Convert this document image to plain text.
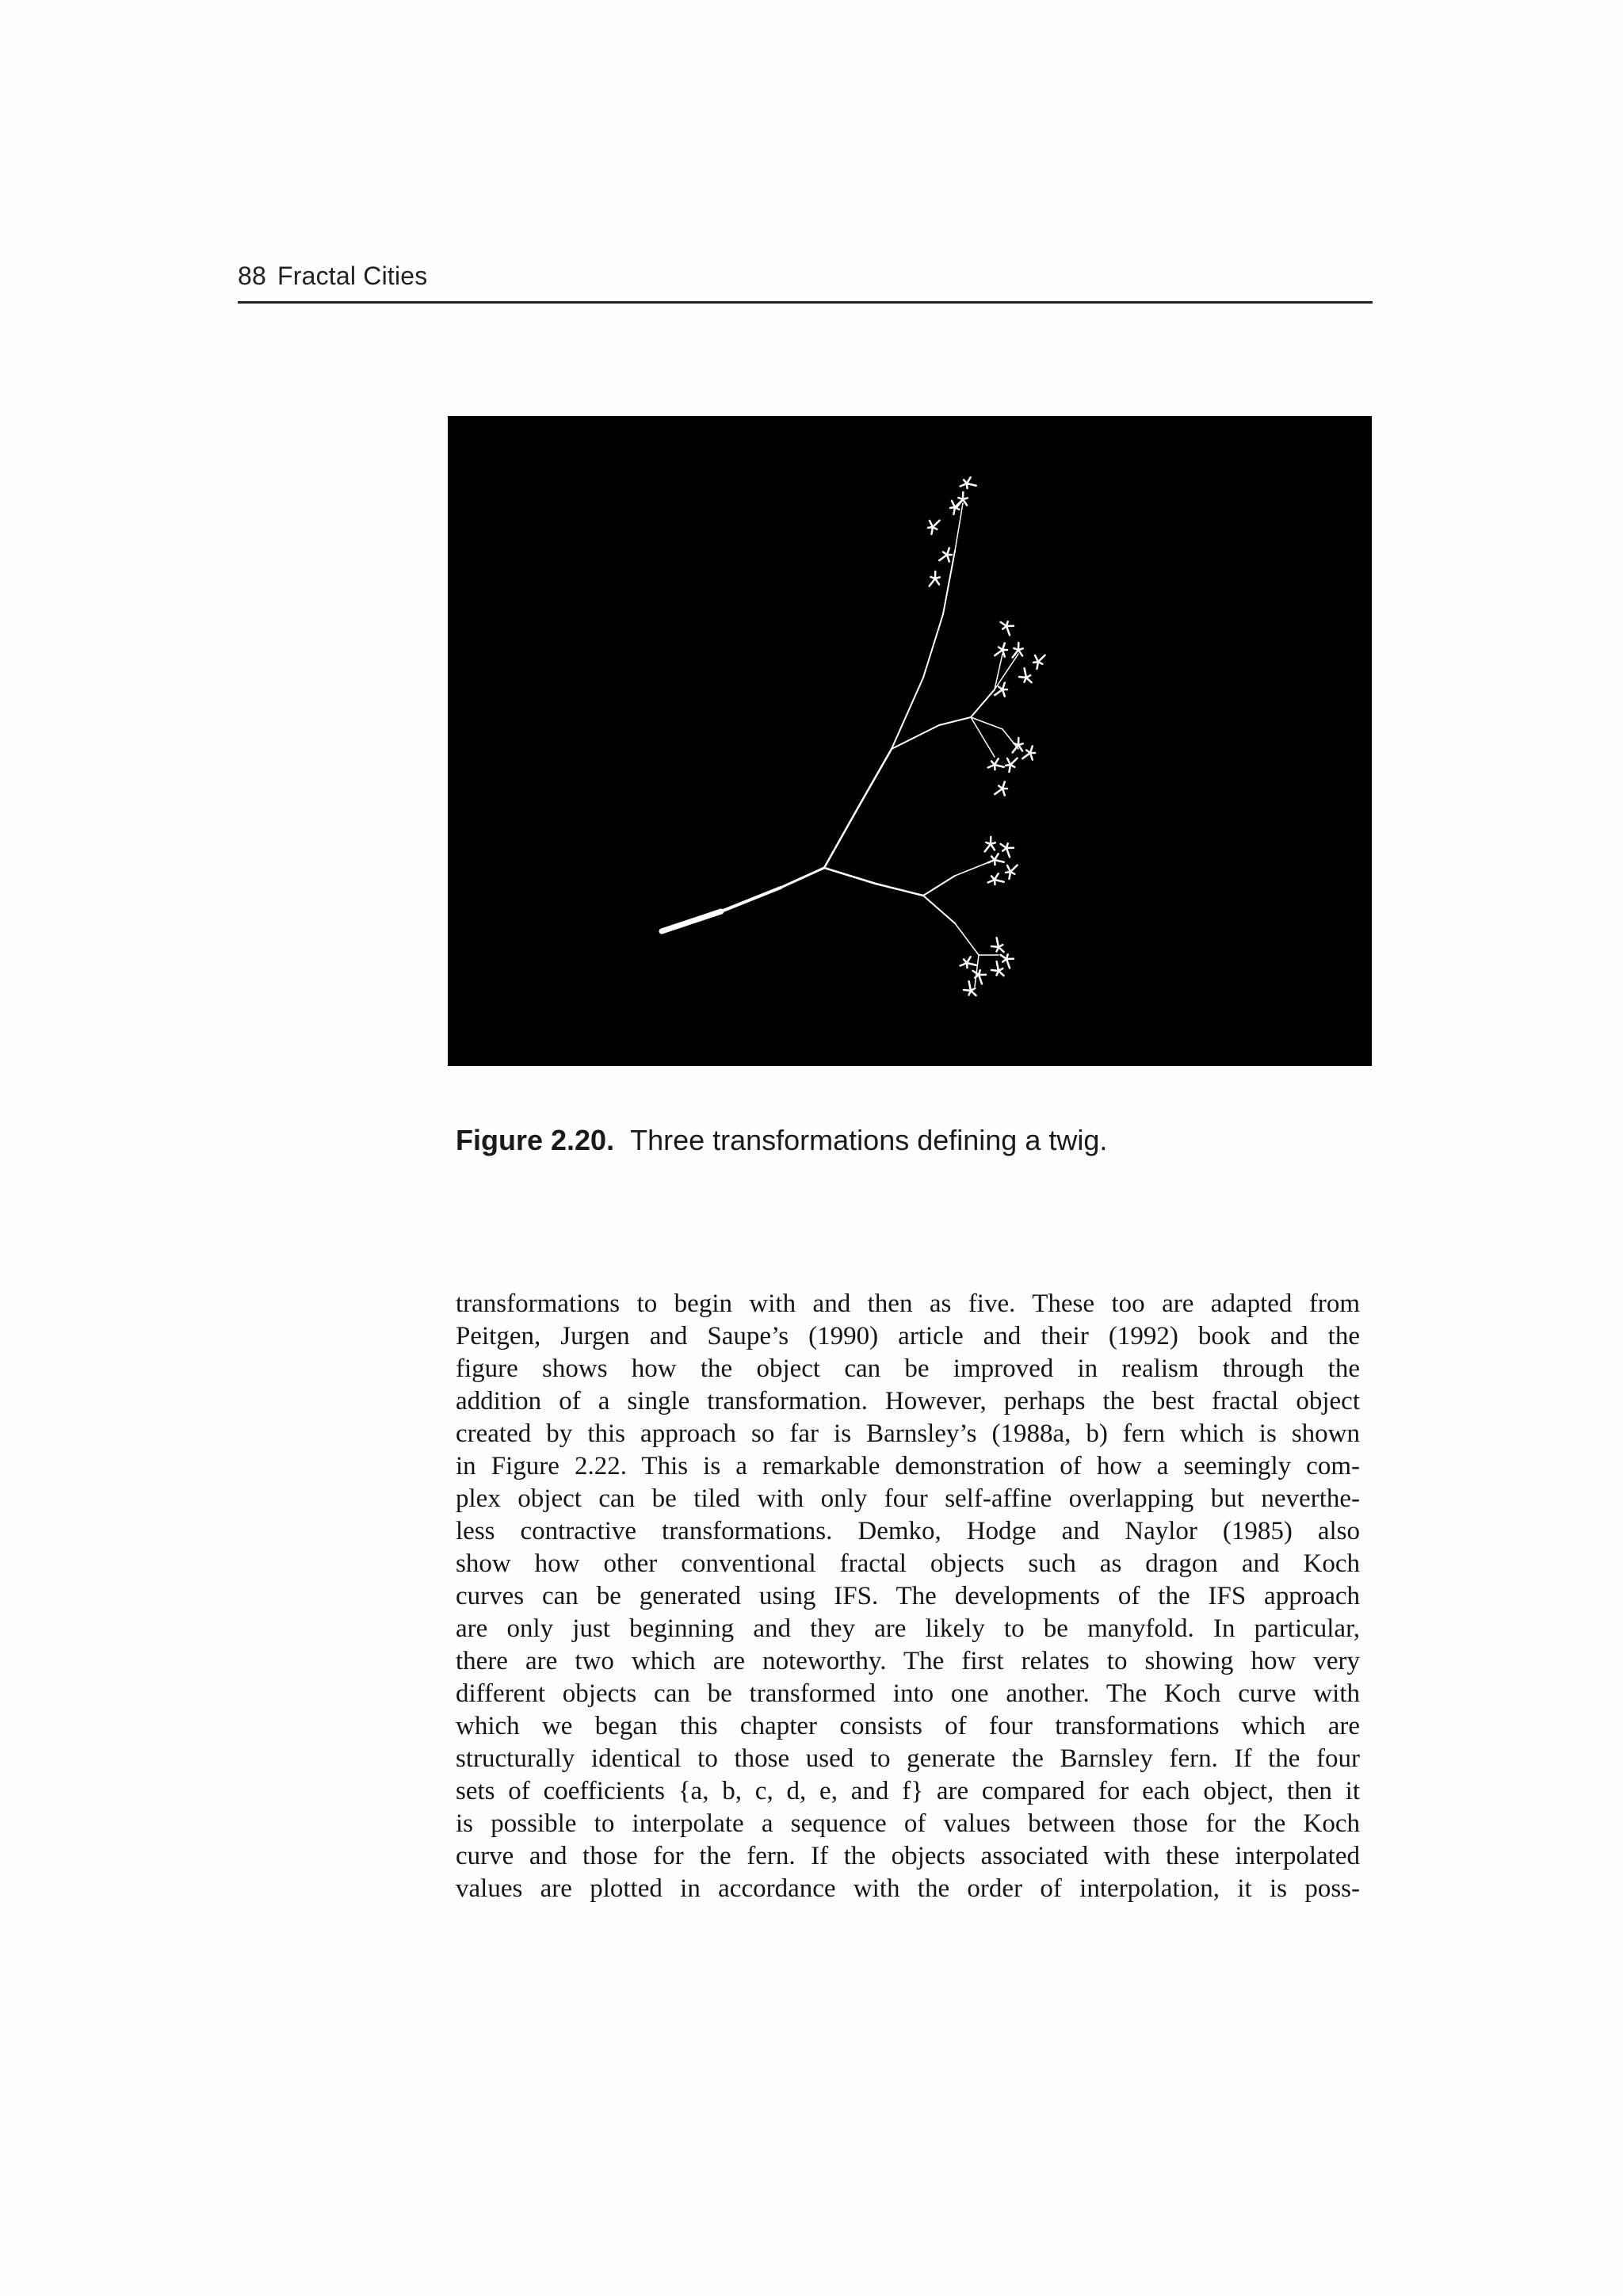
88 Fractal Cities
Figure 2.20. Three transformations defining a twig.
transformations to begin with and then as five. These too are adapted from
Peitgen, Jurgen and Saupe’s (1990) article and their (1992) book and the
figure shows how the object can be improved in realism through the
addition of a single transformation. However, perhaps the best fractal object
created by this approach so far is Barnsley’s (1988a, b) fern which is shown
in Figure 2.22. This is a remarkable demonstration of how a seemingly com-
plex object can be tiled with only four self-affine overlapping but neverthe-
less contractive transformations. Demko, Hodge and Naylor (1985) also
show how other conventional fractal objects such as dragon and Koch
curves can be generated using IFS. The developments of the IFS approach
are only just beginning and they are likely to be manyfold. In particular,
there are two which are noteworthy. The first relates to showing how very
different objects can be transformed into one another. The Koch curve with
which we began this chapter consists of four transformations which are
structurally identical to those used to generate the Barnsley fern. If the four
sets of coefficients {a, b, c, d, e, and f} are compared for each object, then it
is possible to interpolate a sequence of values between those for the Koch
curve and those for the fern. If the objects associated with these interpolated
values are plotted in accordance with the order of interpolation, it is poss-
